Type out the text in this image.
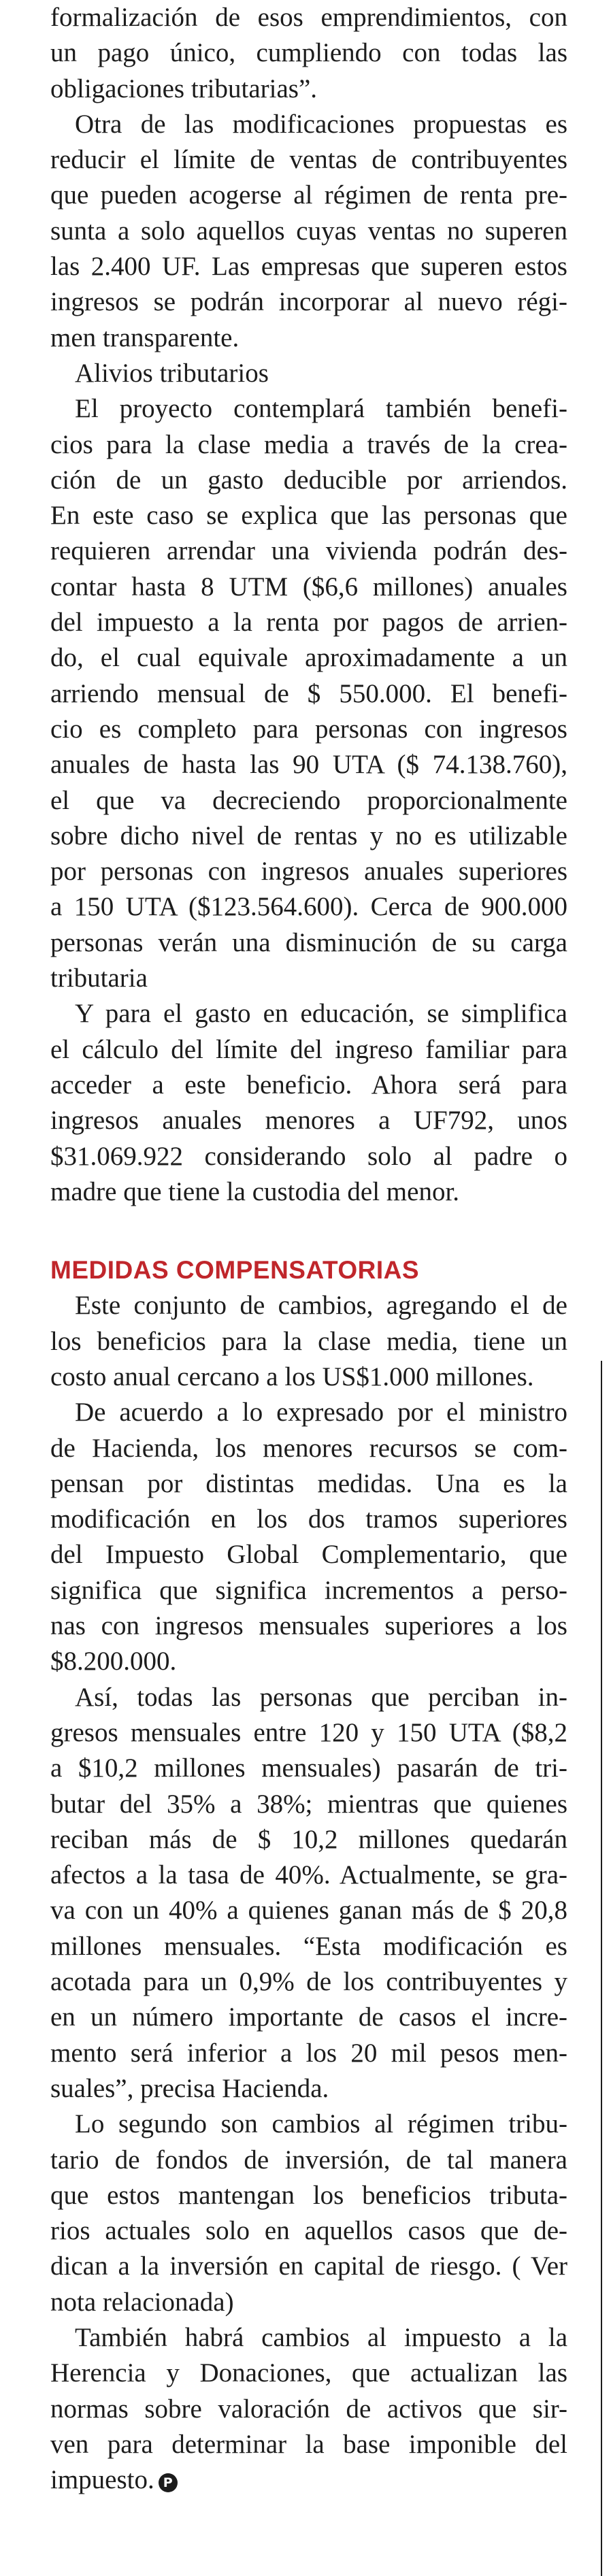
formalización de esos emprendimientos, con
un pago único, cumpliendo con todas las
obligaciones tributarias”.
Otra de las modificaciones propuestas es
reducir el límite de ventas de contribuyentes
que pueden acogerse al régimen de renta pre-
sunta a solo aquellos cuyas ventas no superen
las 2.400 UF. Las empresas que superen estos
ingresos se podrán incorporar al nuevo régi-
men transparente.
Alivios tributarios
El proyecto contemplará también benefi-
cios para la clase media a través de la crea-
ción de un gasto deducible por arriendos.
En este caso se explica que las personas que
requieren arrendar una vivienda podrán des-
contar hasta 8 UTM ($6,6 millones) anuales
del impuesto a la renta por pagos de arrien-
do, el cual equivale aproximadamente a un
arriendo mensual de $ 550.000. El benefi-
cio es completo para personas con ingresos
anuales de hasta las 90 UTA ($ 74.138.760),
el que va decreciendo proporcionalmente
sobre dicho nivel de rentas y no es utilizable
por personas con ingresos anuales superiores
a 150 UTA ($123.564.600). Cerca de 900.000
personas verán una disminución de su carga
tributaria
Y para el gasto en educación, se simplifica
el cálculo del límite del ingreso familiar para
acceder a este beneficio. Ahora será para
ingresos anuales menores a UF792, unos
$31.069.922 considerando solo al padre o
madre que tiene la custodia del menor.
MEDIDAS COMPENSATORIAS
Este conjunto de cambios, agregando el de
los beneficios para la clase media, tiene un
costo anual cercano a los US$1.000 millones.
De acuerdo a lo expresado por el ministro
de Hacienda, los menores recursos se com-
pensan por distintas medidas. Una es la
modificación en los dos tramos superiores
del Impuesto Global Complementario, que
significa que significa incrementos a perso-
nas con ingresos mensuales superiores a los
$8.200.000.
Así, todas las personas que perciban in-
gresos mensuales entre 120 y 150 UTA ($8,2
a $10,2 millones mensuales) pasarán de tri-
butar del 35% a 38%; mientras que quienes
reciban más de $ 10,2 millones quedarán
afectos a la tasa de 40%. Actualmente, se gra-
va con un 40% a quienes ganan más de $ 20,8
millones mensuales. “Esta modificación es
acotada para un 0,9% de los contribuyentes y
en un número importante de casos el incre-
mento será inferior a los 20 mil pesos men-
suales”, precisa Hacienda.
Lo segundo son cambios al régimen tribu-
tario de fondos de inversión, de tal manera
que estos mantengan los beneficios tributa-
rios actuales solo en aquellos casos que de-
dican a la inversión en capital de riesgo. ( Ver
nota relacionada)
También habrá cambios al impuesto a la
Herencia y Donaciones, que actualizan las
normas sobre valoración de activos que sir-
ven para determinar la base imponible del
impuesto. P
